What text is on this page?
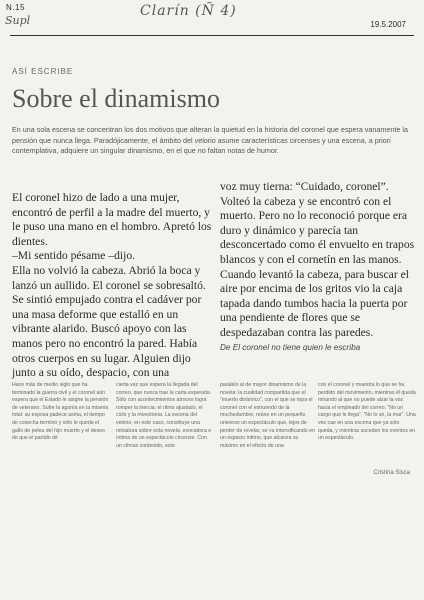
N.15
Supl
Clarín (Ñ 4)
19.5.2007
ASÍ ESCRIBE
Sobre el dinamismo
En una sola escena se concentran los dos motivos que alteran la quietud en la historia del coronel que espera vanamente la pensión que nunca llega. Paradójicamente, el ámbito del velorio asume características circenses y una escena, a priori contemplativa, adquiere un singular dinamismo, en el que no faltan notas de humor.

El coronel hizo de lado a una mujer, encontró de perfil a la madre del muerto, y le puso una mano en el hombro. Apretó los dientes.
–Mi sentido pésame –dijo.
Ella no volvió la cabeza. Abrió la boca y lanzó un aullido. El coronel se sobresaltó. Se sintió empujado contra el cadáver por una masa deforme que estalló en un vibrante alarido. Buscó apoyo con las manos pero no encontró la pared. Había otros cuerpos en su lugar. Alguien dijo junto a su oído, despacio, con una

voz muy tierna: “Cuidado, coronel”. Volteó la cabeza y se encontró con el muerto. Pero no lo reconoció porque era duro y dinámico y parecía tan desconcertado como él envuelto en trapos blancos y con el cornetín en las manos. Cuando levantó la cabeza, para buscar el aire por encima de los gritos vio la caja tapada dando tumbos hacia la puerta por una pendiente de flores que se despedazaban contra las paredes.

De El coronel no tiene quien le escriba

Hace más de medio siglo que ha terminado la guerra civil y el coronel aún espera que el Estado le asigne la pensión de veterano. Sufre la agonía en la miseria total: su esposa padece asma, el tiempo de cosecha terminó y sólo le queda el gallo de pelea del hijo muerto y el deseo de que el partido dé

cierta vez que espera la llegada del correo, que nunca trae la carta esperada. Sólo con acontecimientos atroces logra romper la inercia: el ritmo ajustado, el ciclo y la monotonía. La escena del velorio, en este caso, constituye una miniatura sobre esta novela, evocadora e íntima de un espectáculo circense. Con un clímax contenido, este

paralelo al de mayor dinamismo de la novela: la cualidad compartida que el “muerto dinámico”, con el que se topa el coronel con el estruendo de la muchedumbre, reúne en un pequeño universo un espectáculo que, lejos de perder de revelar, se va intensificando en un espacio íntimo, que alcanza su máximo en el efecto de una

con el coronel y muestra lo que se ha perdido del movimiento, mientras él queda mirando al que no puede alzar la voz hacia el empleado del correo. “No un cargo que le llega”, “No lo sé, la mar”. Una vez cae en una escena que ya sólo queda, y mientras suceden los eventos en un espectáculo.

Cristina Sisca
